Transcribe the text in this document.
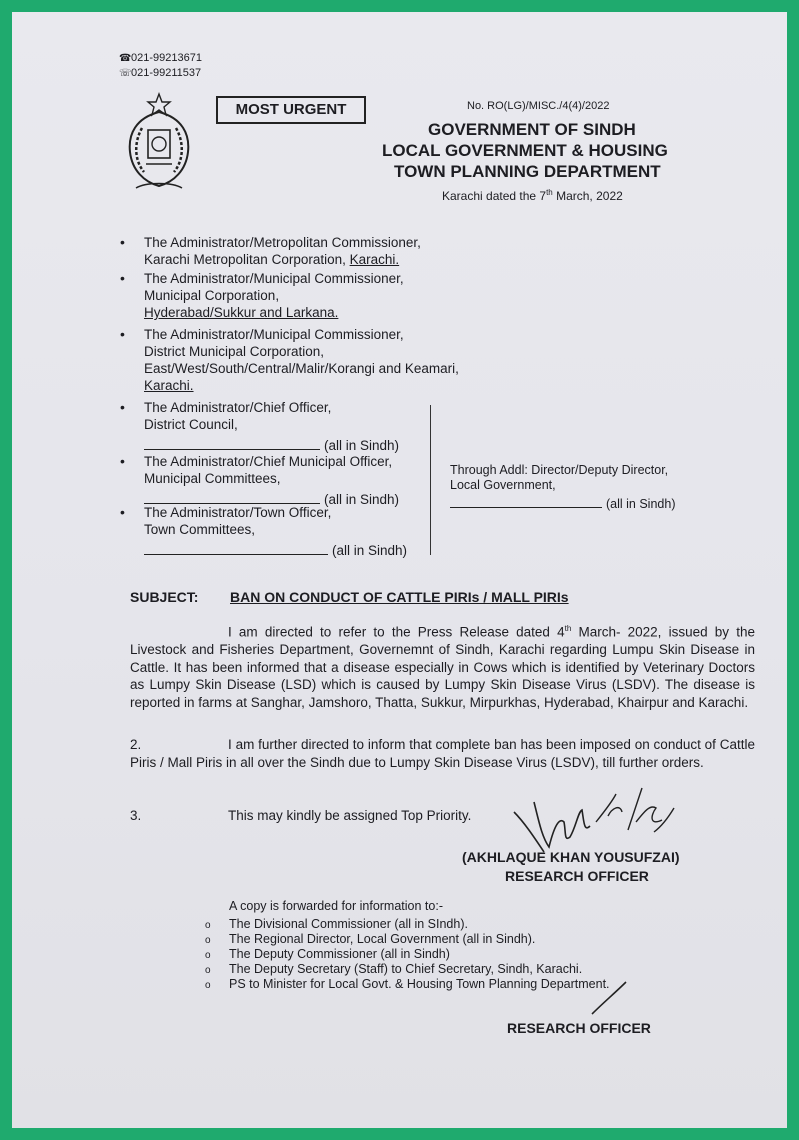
☎021-99213671
☏021-99211537
MOST URGENT	No. RO(LG)/MISC./4(4)/2022
GOVERNMENT OF SINDH
LOCAL GOVERNMENT & HOUSING
TOWN PLANNING DEPARTMENT
Karachi dated the 7th March, 2022
• The Administrator/Metropolitan Commissioner,
Karachi Metropolitan Corporation, Karachi.
• The Administrator/Municipal Commissioner,
Municipal Corporation,
Hyderabad/Sukkur and Larkana.
• The Administrator/Municipal Commissioner,
District Municipal Corporation,
East/West/South/Central/Malir/Korangi and Keamari,
Karachi.
• The Administrator/Chief Officer,
District Council,
(all in Sindh)
• The Administrator/Chief Municipal Officer,
Municipal Committees,
(all in Sindh)
• The Administrator/Town Officer,
Town Committees,
(all in Sindh)
Through Addl: Director/Deputy Director,
Local Government,
(all in Sindh)
SUBJECT: BAN ON CONDUCT OF CATTLE PIRIs / MALL PIRIs
I am directed to refer to the Press Release dated 4th March- 2022, issued by the Livestock and Fisheries Department, Governemnt of Sindh, Karachi regarding Lumpu Skin Disease in Cattle. It has been informed that a disease especially in Cows which is identified by Veterinary Doctors as Lumpy Skin Disease (LSD) which is caused by Lumpy Skin Disease Virus (LSDV). The disease is reported in farms at Sanghar, Jamshoro, Thatta, Sukkur, Mirpurkhas, Hyderabad, Khairpur and Karachi.
2.	I am further directed to inform that complete ban has been imposed on conduct of Cattle Piris / Mall Piris in all over the Sindh due to Lumpy Skin Disease Virus (LSDV), till further orders.
3.	This may kindly be assigned Top Priority.
(AKHLAQUE KHAN YOUSUFZAI)
RESEARCH OFFICER
A copy is forwarded for information to:-
o The Divisional Commissioner (all in SIndh).
o The Regional Director, Local Government (all in Sindh).
o The Deputy Commissioner (all in Sindh)
o The Deputy Secretary (Staff) to Chief Secretary, Sindh, Karachi.
o PS to Minister for Local Govt. & Housing Town Planning Department.
RESEARCH OFFICER
